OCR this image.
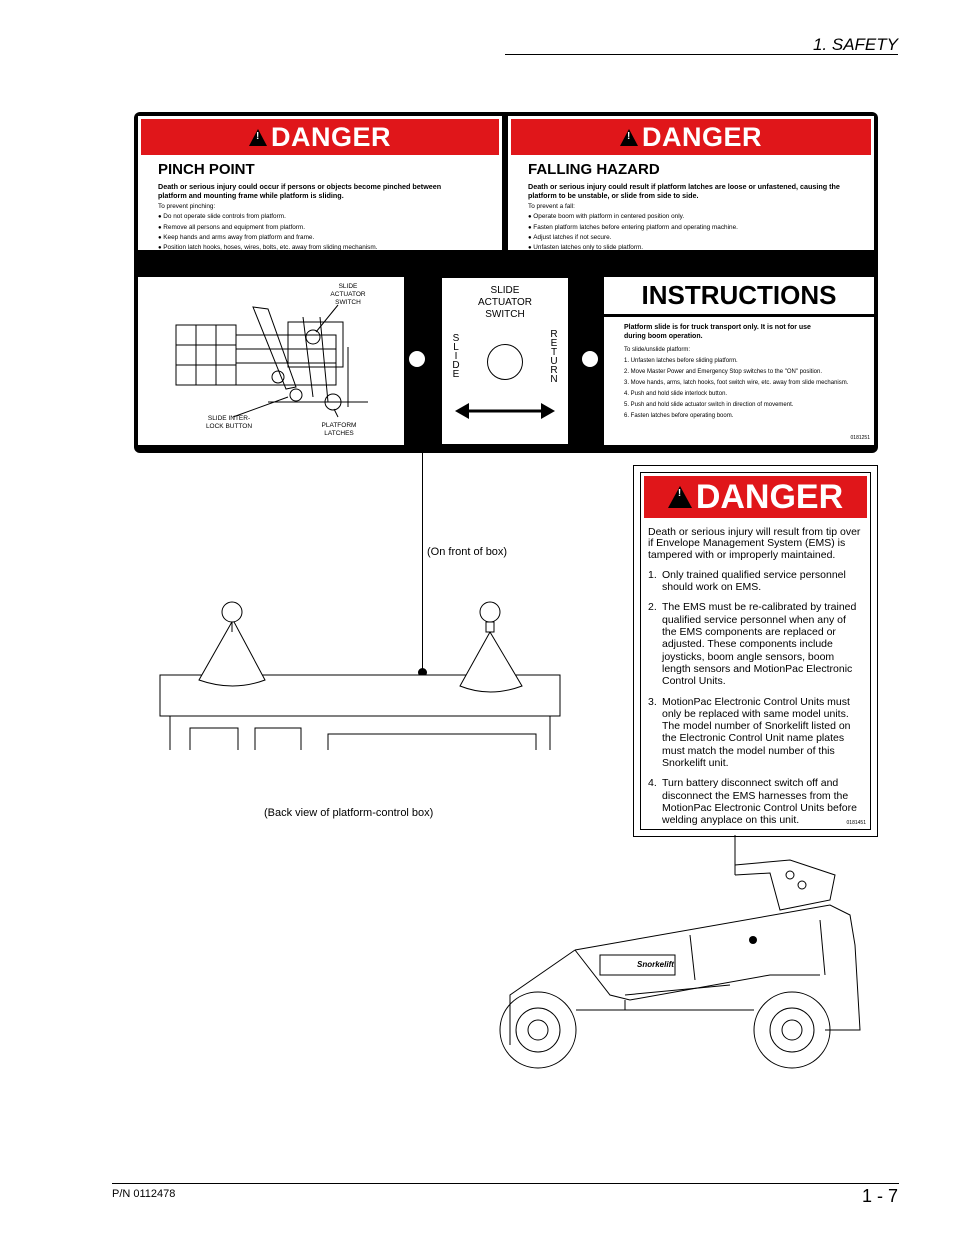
1. SAFETY
P/N 0112478	1 - 7
!
DANGER
PINCH POINT
Death or serious injury could occur if persons or objects become pinched between platform and mounting frame while platform is sliding.
To prevent pinching:
● Do not operate slide controls from platform.
● Remove all persons and equipment from platform.
● Keep hands and arms away from platform and frame.
● Position latch hooks, hoses, wires, bolts, etc. away from sliding mechanism.
!
DANGER
FALLING HAZARD
Death or serious injury could result if platform latches are loose or unfastened, causing the platform to be unstable, or slide from side to side.
To prevent a fall:
● Operate boom with platform in centered position only.
● Fasten platform latches before entering platform and operating machine.
● Adjust latches if not secure.
● Unfasten latches only to slide platform.
SLIDE ACTUATOR SWITCH
SLIDE INTER-LOCK BUTTON	PLATFORM LATCHES
SLIDE ACTUATOR SWITCH
S
L
I
D
E
R
E
T
U
R
N
INSTRUCTIONS
Platform slide is for truck transport only. It is not for use during boom operation.
To slide/unslide platform:
1. Unfasten latches before sliding platform.
2. Move Master Power and Emergency Stop switches to the "ON" position.
3. Move hands, arms, latch hooks, foot switch wire, etc. away from slide mechanism.
4. Push and hold slide interlock button.
5. Push and hold slide actuator switch in direction of movement.
6. Fasten latches before operating boom.
0181251
(On front of box)
(Back view of platform-control box)
!
DANGER
Death or serious injury will result from tip over if Envelope Management System (EMS) is tampered with or improperly maintained.
1. Only trained qualified service personnel should work on EMS.
2. The EMS must be re-calibrated by trained qualified service personnel when any of the EMS components are replaced or adjusted. These components include joysticks, boom angle sensors, boom length sensors and MotionPac Electronic Control Units.
3. MotionPac Electronic Control Units must only be replaced with same model units. The model number of Snorkelift listed on the Electronic Control Unit name plates must match the model number of this Snorkelift unit.
4. Turn battery disconnect switch off and disconnect the EMS harnesses from the MotionPac Electronic Control Units before welding anyplace on this unit.	0181451
Snorkelift
